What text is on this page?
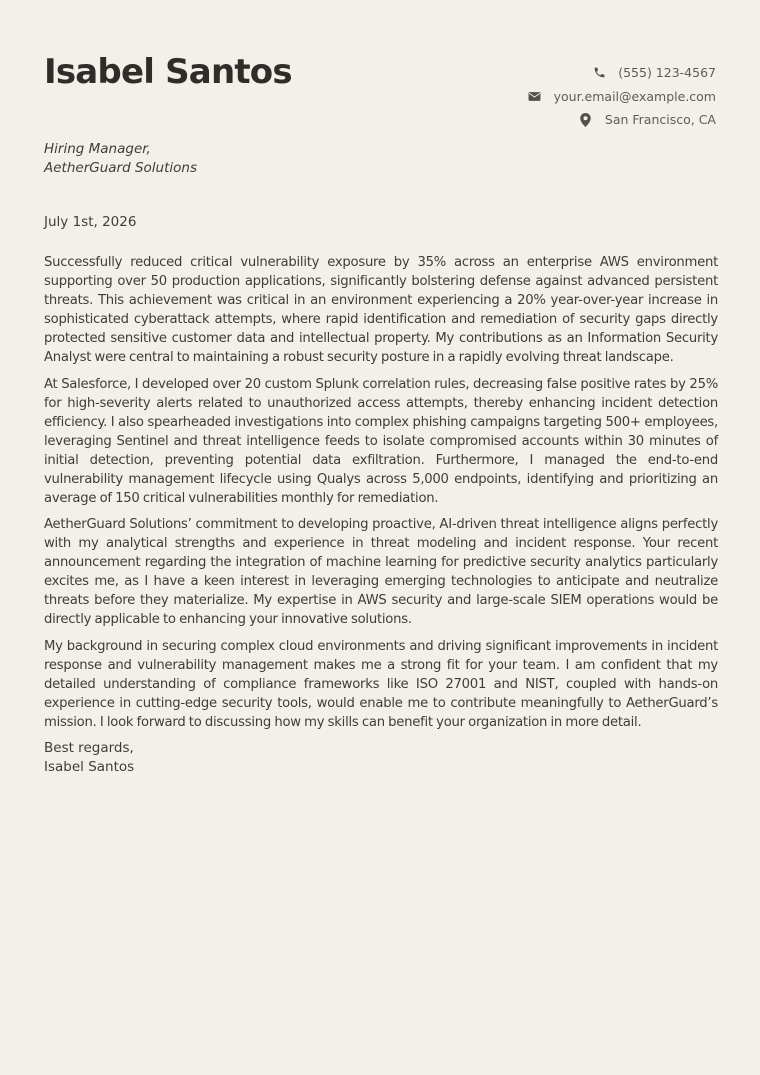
Isabel Santos	(555) 123-4567
your.email@example.com
San Francisco, CA
Hiring Manager,
AetherGuard Solutions
July 1st, 2026

Successfully reduced critical vulnerability exposure by 35% across an enterprise AWS environment supporting over 50 production applications, significantly bolstering defense against advanced persistent threats. This achievement was critical in an environment experiencing a 20% year-over-year increase in sophisticated cyberattack attempts, where rapid identification and remediation of security gaps directly protected sensitive customer data and intellectual property. My contributions as an Information Security Analyst were central to maintaining a robust security posture in a rapidly evolving threat landscape.

At Salesforce, I developed over 20 custom Splunk correlation rules, decreasing false positive rates by 25% for high-severity alerts related to unauthorized access attempts, thereby enhancing incident detection efficiency. I also spearheaded investigations into complex phishing campaigns targeting 500+ employees, leveraging Sentinel and threat intelligence feeds to isolate compromised accounts within 30 minutes of initial detection, preventing potential data exfiltration. Furthermore, I managed the end-to-end vulnerability management lifecycle using Qualys across 5,000 endpoints, identifying and prioritizing an average of 150 critical vulnerabilities monthly for remediation.

AetherGuard Solutions’ commitment to developing proactive, AI-driven threat intelligence aligns perfectly with my analytical strengths and experience in threat modeling and incident response. Your recent announcement regarding the integration of machine learning for predictive security analytics particularly excites me, as I have a keen interest in leveraging emerging technologies to anticipate and neutralize threats before they materialize. My expertise in AWS security and large-scale SIEM operations would be directly applicable to enhancing your innovative solutions.

My background in securing complex cloud environments and driving significant improvements in incident response and vulnerability management makes me a strong fit for your team. I am confident that my detailed understanding of compliance frameworks like ISO 27001 and NIST, coupled with hands-on experience in cutting-edge security tools, would enable me to contribute meaningfully to AetherGuard’s mission. I look forward to discussing how my skills can benefit your organization in more detail.

Best regards,
Isabel Santos
